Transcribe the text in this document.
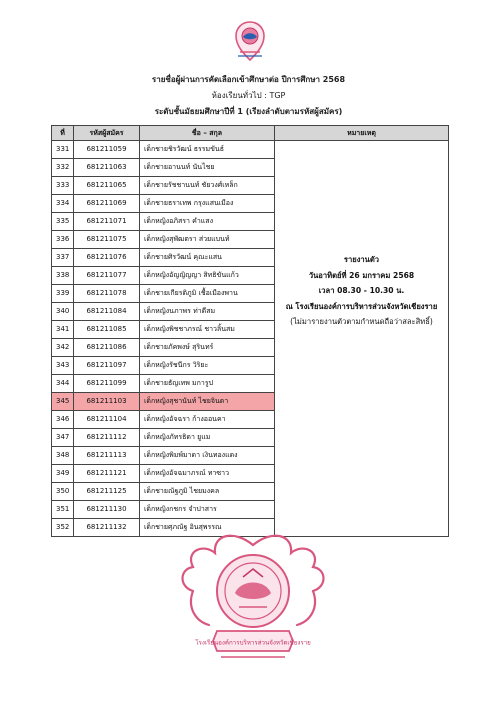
รายชื่อผู้ผ่านการคัดเลือกเข้าศึกษาต่อ ปีการศึกษา 2568
ห้องเรียนทั่วไป : TGP
ระดับชั้นมัธยมศึกษาปีที่ 1 (เรียงลำดับตามรหัสผู้สมัคร)
ที่	รหัสผู้สมัคร	ชื่อ – สกุล	หมายเหตุ
331	681211059	เด็กชายชิรวัฒน์ ธรรมขันธ์	รายงานตัว
วันอาทิตย์ที่ 26 มกราคม 2568
เวลา 08.30 - 10.30 น.
ณ โรงเรียนองค์การบริหารส่วนจังหวัดเชียงราย
(ไม่มารายงานตัวตามกำหนดถือว่าสละสิทธิ์)

332	681211063	เด็กชายอานนท์ นันไชย	
333	681211065	เด็กชายรัชชานนท์ ชัยวงศ์เหล็ก	
334	681211069	เด็กชายธราเทพ กรุงแสนเมือง	
335	681211071	เด็กหญิงอภิสรา คำแสง	
336	681211075	เด็กหญิงสุพัฒตรา ส่วยแบนท์	
337	681211076	เด็กชายศิรวัฒน์ คุณะแสน	
338	681211077	เด็กหญิงอัญญิญญา สิทธิขันแก้ว	
339	681211078	เด็กชายเกียรติภูมิ เชื้อเมืองพาน	
340	681211084	เด็กหญิงนภาพร ท่าดีสม	
341	681211085	เด็กหญิงพิชชาภรณ์ ชาวลิ้นสม	
342	681211086	เด็กชายภัคพงษ์ สุรินทร์	
343	681211097	เด็กหญิงรัชนีกร วิริยะ	
344	681211099	เด็กชายธัญเทพ มการูป	
345	681211103	เด็กหญิงสุชานันท์ ไชยจินดา	
346	681211104	เด็กหญิงอัจฉรา ก้างออนคา	
347	681211112	เด็กหญิงภัทรธิดา ยูแม	
348	681211113	เด็กหญิงพิมพ์มาดา เงินทองแดง	
349	681211121	เด็กหญิงอัจฉมาภรณ์ ทาซาว	
350	681211125	เด็กชายณัฐภูมิ ไชยมงคล	
351	681211130	เด็กหญิงกชกร จำปาสาร	
352	681211132	เด็กชายศุภณัฐ อินสุพรรณ	
โรงเรียนองค์การบริหารส่วนจังหวัดเชียงราย
